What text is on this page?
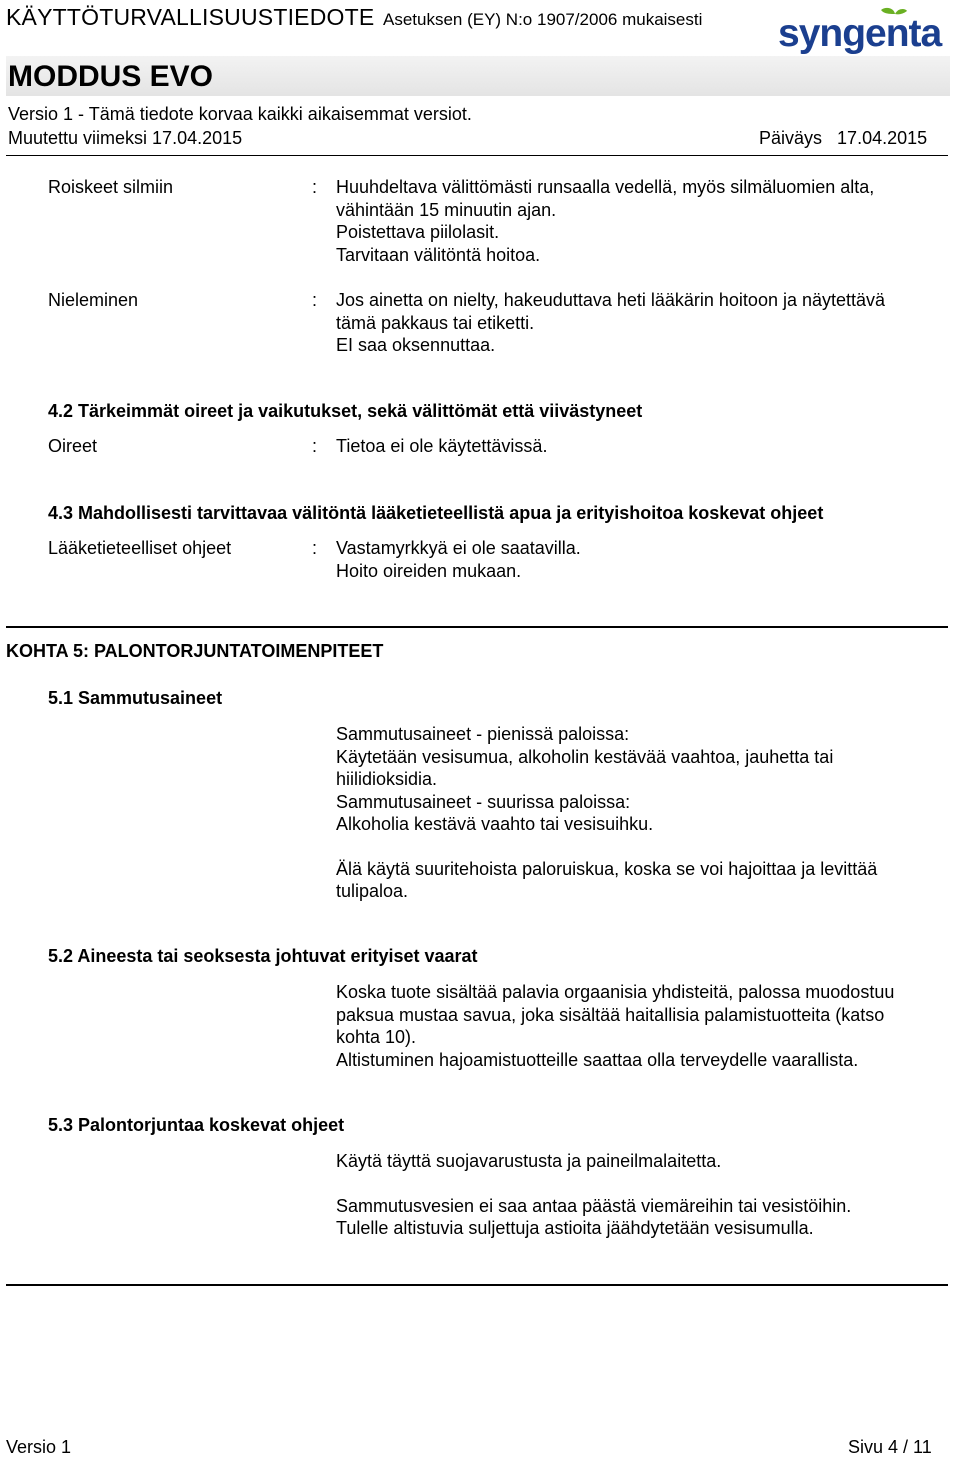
KÄYTTÖTURVALLISUUSTIEDOTE Asetuksen (EY) N:o 1907/2006 mukaisesti syngenta
MODDUS EVO
Versio 1 - Tämä tiedote korvaa kaikki aikaisemmat versiot.
Muutettu viimeksi 17.04.2015	Päiväys 17.04.2015
Roiskeet silmiin	: Huuhdeltava välittömästi runsaalla vedellä, myös silmäluomien alta,
vähintään 15 minuutin ajan.
Poistettava piilolasit.
Tarvitaan välitöntä hoitoa.
Nieleminen	: Jos ainetta on nielty, hakeuduttava heti lääkärin hoitoon ja näytettävä
tämä pakkaus tai etiketti.
EI saa oksennuttaa.
4.2 Tärkeimmät oireet ja vaikutukset, sekä välittömät että viivästyneet
Oireet	: Tietoa ei ole käytettävissä.
4.3 Mahdollisesti tarvittavaa välitöntä lääketieteellistä apua ja erityishoitoa koskevat ohjeet
Lääketieteelliset ohjeet	: Vastamyrkkyä ei ole saatavilla.
Hoito oireiden mukaan.
KOHTA 5: PALONTORJUNTATOIMENPITEET
5.1 Sammutusaineet
Sammutusaineet - pienissä paloissa:
Käytetään vesisumua, alkoholin kestävää vaahtoa, jauhetta tai
hiilidioksidia.
Sammutusaineet - suurissa paloissa:
Alkoholia kestävä vaahto tai vesisuihku.
Älä käytä suuritehoista paloruiskua, koska se voi hajoittaa ja levittää
tulipaloa.
5.2 Aineesta tai seoksesta johtuvat erityiset vaarat
Koska tuote sisältää palavia orgaanisia yhdisteitä, palossa muodostuu
paksua mustaa savua, joka sisältää haitallisia palamistuotteita (katso
kohta 10).
Altistuminen hajoamistuotteille saattaa olla terveydelle vaarallista.
5.3 Palontorjuntaa koskevat ohjeet
Käytä täyttä suojavarustusta ja paineilmalaitetta.
Sammutusvesien ei saa antaa päästä viemäreihin tai vesistöihin.
Tulelle altistuvia suljettuja astioita jäähdytetään vesisumulla.
Versio 1	Sivu 4 / 11
